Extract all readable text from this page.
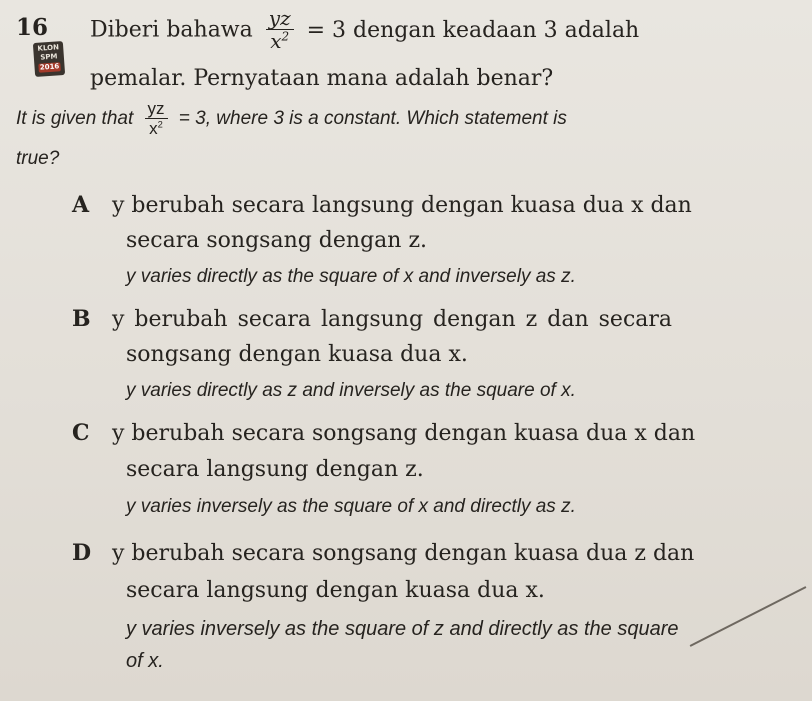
16
KLON
SPM
2016
Diberi bahawa $\frac{yz}{x^2} = 3$ dengan keadaan 3 adalah
pemalar. Pernyataan mana adalah benar?
It is given that $\frac{yz}{x^2} = 3$, where 3 is a constant. Which statement is
true?
A y berubah secara langsung dengan kuasa dua x dan
secara songsang dengan z.
y varies directly as the square of x and inversely as z.
B y berubah secara langsung dengan z dan secara
songsang dengan kuasa dua x.
y varies directly as z and inversely as the square of x.
C y berubah secara songsang dengan kuasa dua x dan
secara langsung dengan z.
y varies inversely as the square of x and directly as z.
D y berubah secara songsang dengan kuasa dua z dan
secara langsung dengan kuasa dua x.
y varies inversely as the square of z and directly as the square
of x.
